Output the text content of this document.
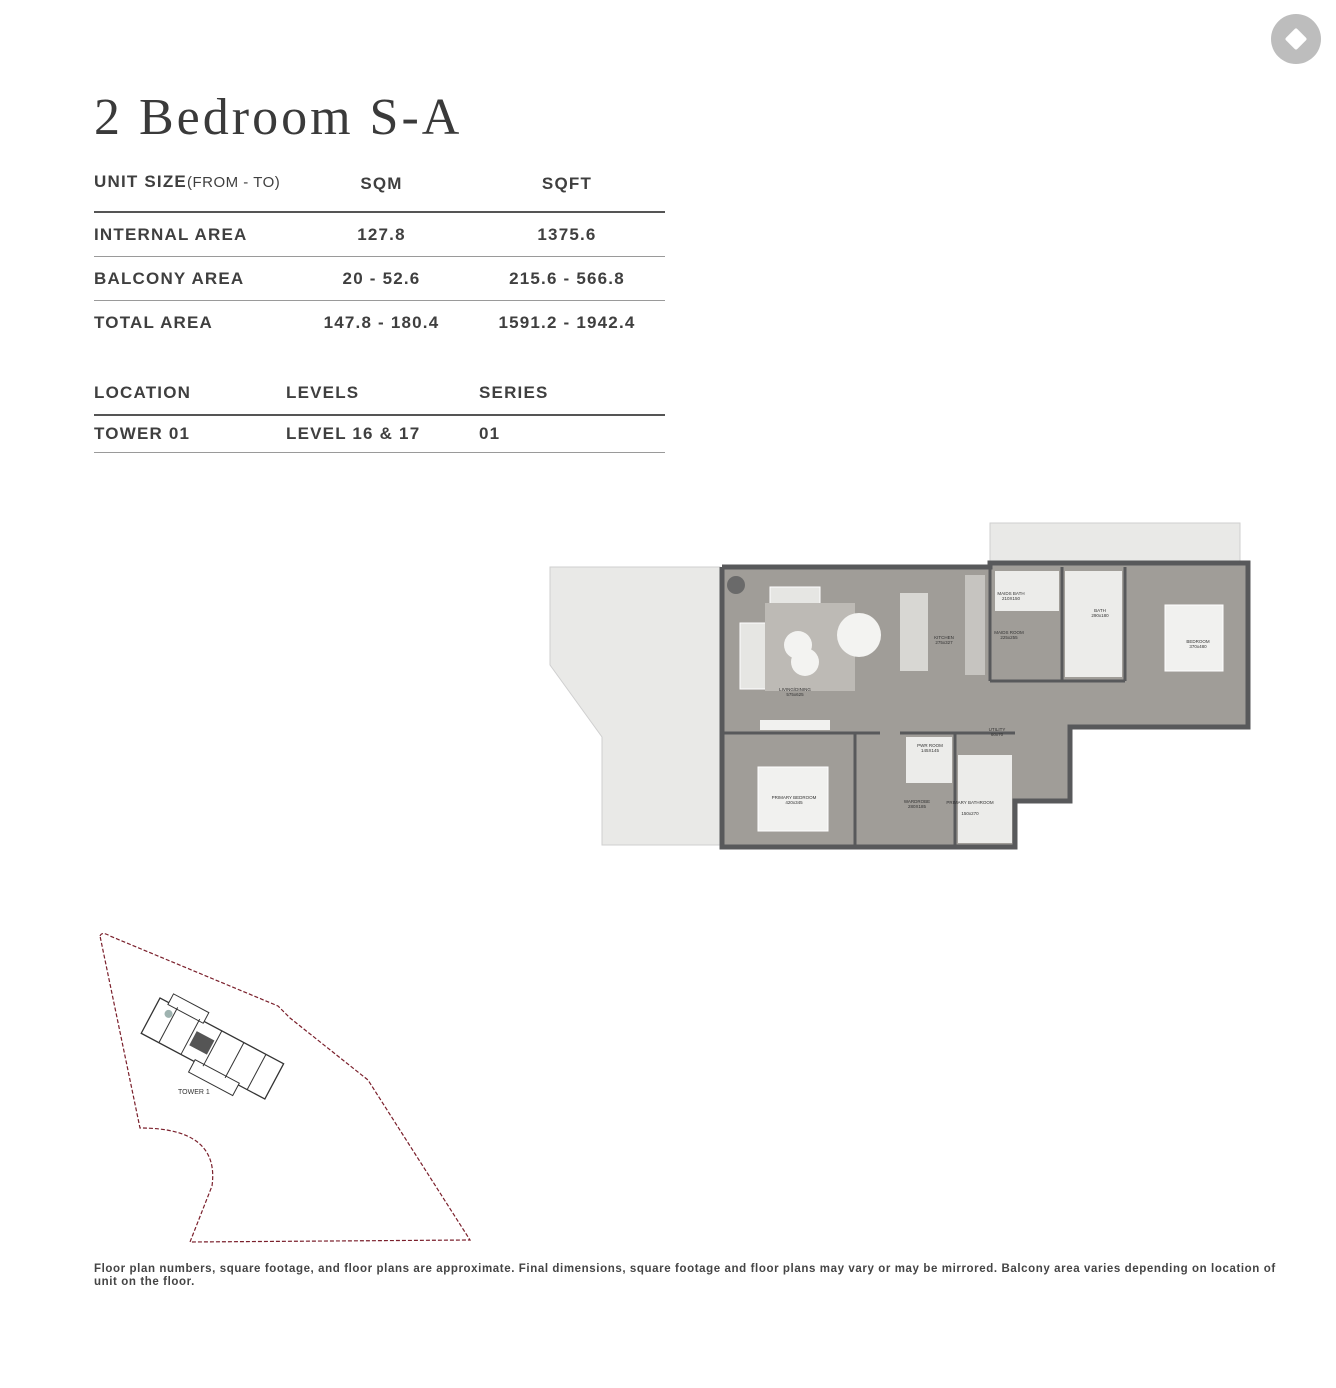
2 Bedroom S-A
UNIT SIZE(FROM - TO)	SQM	SQFT
INTERNAL AREA	127.8	1375.6
BALCONY AREA	20 - 52.6	215.6 - 566.8
TOTAL AREA	147.8 - 180.4	1591.2 - 1942.4
LOCATION	LEVELS	SERIES
TOWER 01	LEVEL 16 & 17	01
LIVING/DINING
575x625
KITCHEN
275x327
MAIDS ROOM
225x255
MAIDS BATH
210X150
BATH
290x180
BEDROOM
370x480
PRIMARY BEDROOM
420x345
PWR ROOM
145X145
UTILITY
60x70
WARDROBE
280X185
PRIMARY BATHROOM
150x270
TOWER 1
Floor plan numbers, square footage, and floor plans are approximate. Final dimensions, square footage and floor plans may vary or may be mirrored. Balcony area varies depending on location of unit on the floor.
